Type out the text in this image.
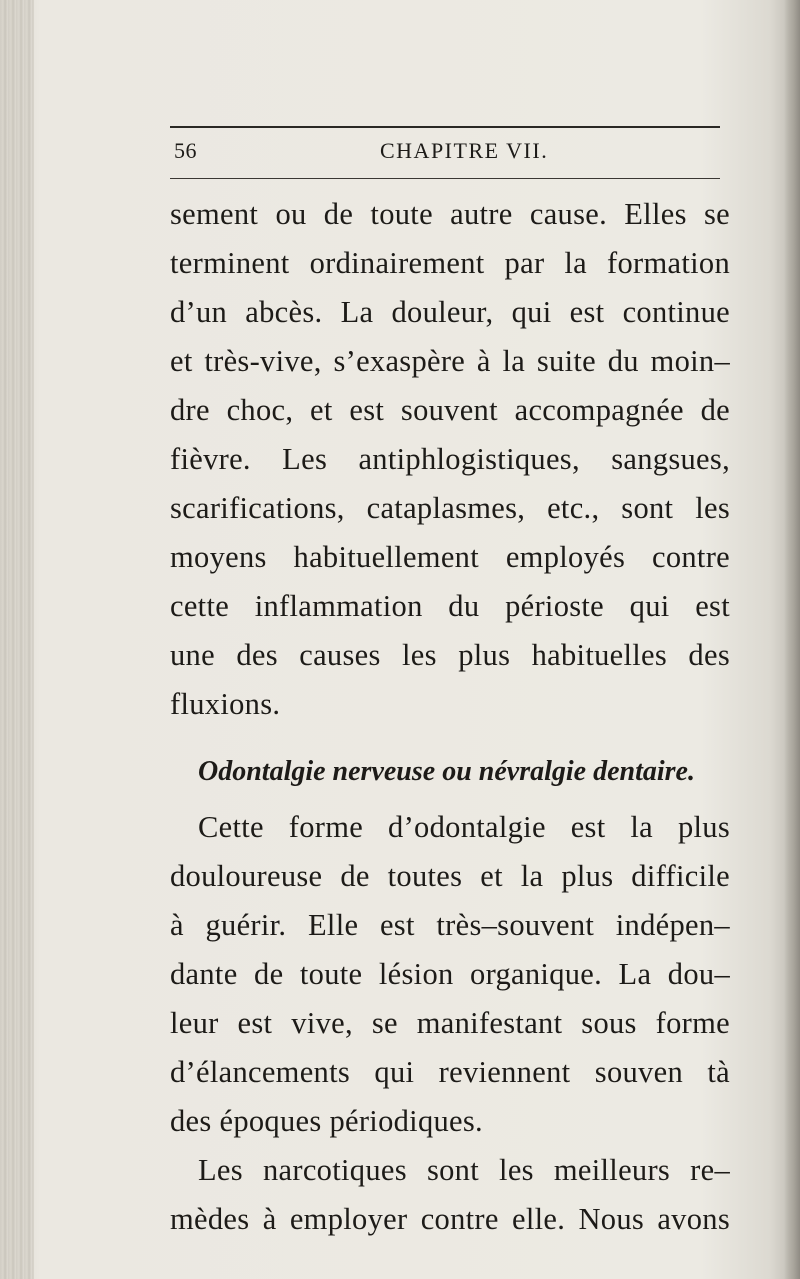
56	CHAPITRE VII.
sement ou de toute autre cause. Elles se
terminent ordinairement par la formation
d’un abcès. La douleur, qui est continue
et très-vive, s’exaspère à la suite du moin–
dre choc, et est souvent accompagnée de
fièvre. Les antiphlogistiques, sangsues,
scarifications, cataplasmes, etc., sont les
moyens habituellement employés contre
cette inflammation du périoste qui est
une des causes les plus habituelles des
fluxions.
Odontalgie nerveuse ou névralgie dentaire.
Cette forme d’odontalgie est la plus
douloureuse de toutes et la plus difficile
à guérir. Elle est très–souvent indépen–
dante de toute lésion organique. La dou–
leur est vive, se manifestant sous forme
d’élancements qui reviennent souven tà
des époques périodiques.
Les narcotiques sont les meilleurs re–
mèdes à employer contre elle. Nous avons
